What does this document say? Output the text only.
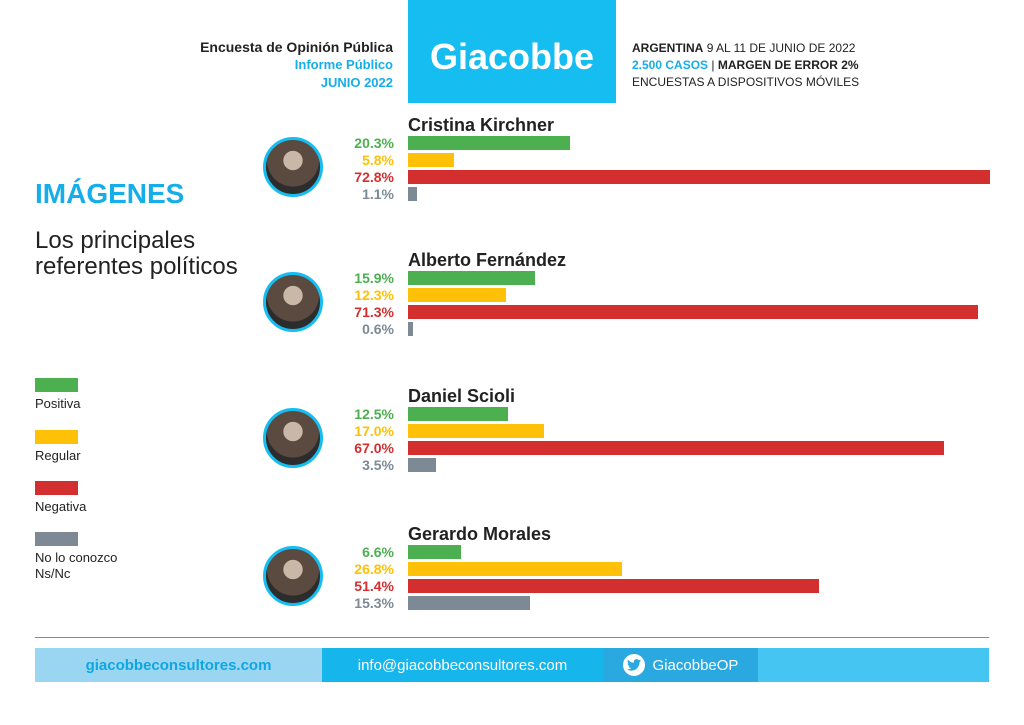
Encuesta de Opinión Pública
Informe Público
JUNIO 2022
Giacobbe	ARGENTINA 9 AL 11 DE JUNIO DE 2022
2.500 CASOS | MARGEN DE ERROR 2%
ENCUESTAS A DISPOSITIVOS MÓVILES
IMÁGENES
Los principales referentes políticos
Positiva
Regular
Negativa
No lo conozco Ns/Nc
Cristina Kirchner
20.3%
5.8%
72.8%
1.1%
Alberto Fernández
15.9%
12.3%
71.3%
0.6%
Daniel Scioli
12.5%
17.0%
67.0%
3.5%
Gerardo Morales
6.6%
26.8%
51.4%
15.3%
giacobbeconsultores.com	info@giacobbeconsultores.com	GiacobbeOP
